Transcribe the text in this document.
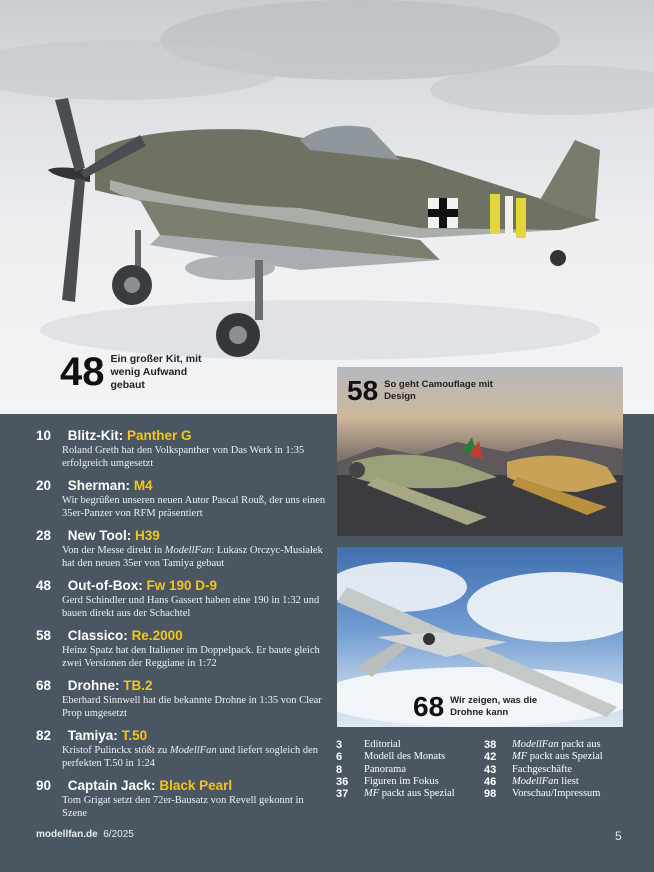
48 Ein großer Kit, mit wenig Aufwand gebaut	58 So geht Camouflage mit Design
68 Wir zeigen, was die Drohne kann
10 Blitz-Kit: Panther G
Roland Greth hat den Volkspanther von Das Werk in 1:35 erfolgreich umgesetzt
20 Sherman: M4
Wir begrüßen unseren neuen Autor Pascal Rouß, der uns einen 35er-Panzer von RFM präsentiert
28 New Tool: H39
Von der Messe direkt in ModellFan: Łukasz Orczyc-Musiałek hat den neuen 35er von Tamiya gebaut
48 Out-of-Box: Fw 190 D-9
Gerd Schindler und Hans Gassert haben eine 190 in 1:32 und bauen direkt aus der Schachtel
58 Classico: Re.2000
Heinz Spatz hat den Italiener im Doppelpack. Er baute gleich zwei Versionen der Reggiane in 1:72
68 Drohne: TB.2
Eberhard Sinnwell hat die bekannte Drohne in 1:35 von Clear Prop umgesetzt
82 Tamiya: T.50
Kristof Pulinckx stößt zu ModellFan und liefert sogleich den perfekten T.50 in 1:24
90 Captain Jack: Black Pearl
Tom Grigat setzt den 72er-Bausatz von Revell gekonnt in Szene
3	Editorial
6	Modell des Monats
8	Panorama
36	Figuren im Fokus
37	MF packt aus Spezial
38	ModellFan packt aus
42	MF packt aus Spezial
43	Fachgeschäfte
46	ModellFan liest
98	Vorschau/Impressum
modellfan.de 6/2025	5
